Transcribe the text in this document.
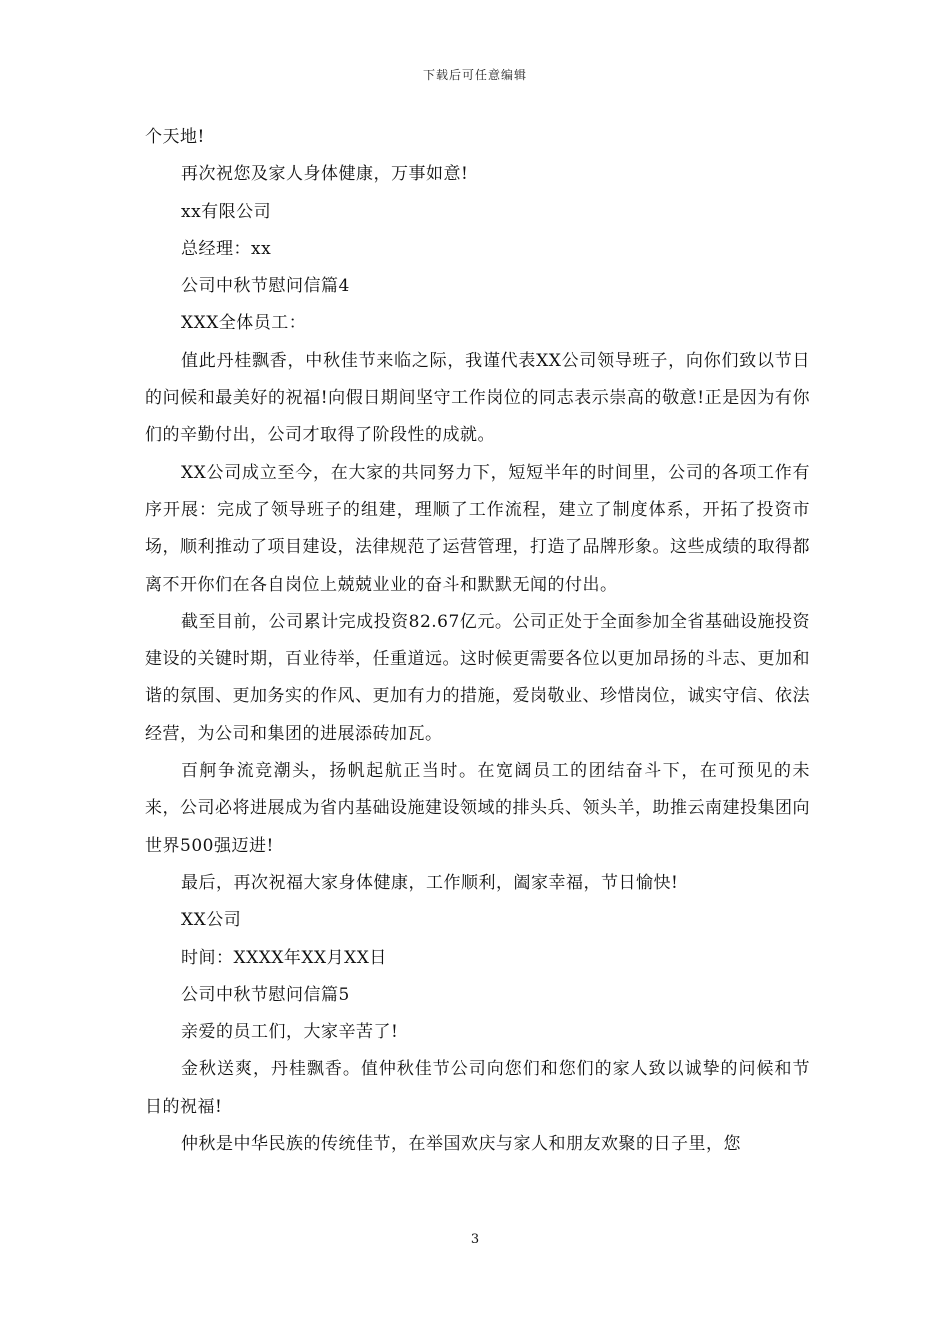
下载后可任意编辑

个天地!

再次祝您及家人身体健康，万事如意!

xx有限公司

总经理：xx

公司中秋节慰问信篇4

XXX全体员工：

值此丹桂飘香，中秋佳节来临之际，我谨代表XX公司领导班子，向你们致以节日的问候和最美好的祝福!向假日期间坚守工作岗位的同志表示崇高的敬意!正是因为有你们的辛勤付出，公司才取得了阶段性的成就。

XX公司成立至今，在大家的共同努力下，短短半年的时间里，公司的各项工作有序开展：完成了领导班子的组建，理顺了工作流程，建立了制度体系，开拓了投资市场，顺利推动了项目建设，法律规范了运营管理，打造了品牌形象。这些成绩的取得都离不开你们在各自岗位上兢兢业业的奋斗和默默无闻的付出。

截至目前，公司累计完成投资82.67亿元。公司正处于全面参加全省基础设施投资建设的关键时期，百业待举，任重道远。这时候更需要各位以更加昂扬的斗志、更加和谐的氛围、更加务实的作风、更加有力的措施，爱岗敬业、珍惜岗位，诚实守信、依法经营，为公司和集团的进展添砖加瓦。

百舸争流竞潮头，扬帆起航正当时。在宽阔员工的团结奋斗下，在可预见的未来，公司必将进展成为省内基础设施建设领域的排头兵、领头羊，助推云南建投集团向世界500强迈进!

最后，再次祝福大家身体健康，工作顺利，阖家幸福，节日愉快!

XX公司

时间：XXXX年XX月XX日

公司中秋节慰问信篇5

亲爱的员工们，大家辛苦了!

金秋送爽，丹桂飘香。值仲秋佳节公司向您们和您们的家人致以诚挚的问候和节日的祝福!

仲秋是中华民族的传统佳节，在举国欢庆与家人和朋友欢聚的日子里，您

3
